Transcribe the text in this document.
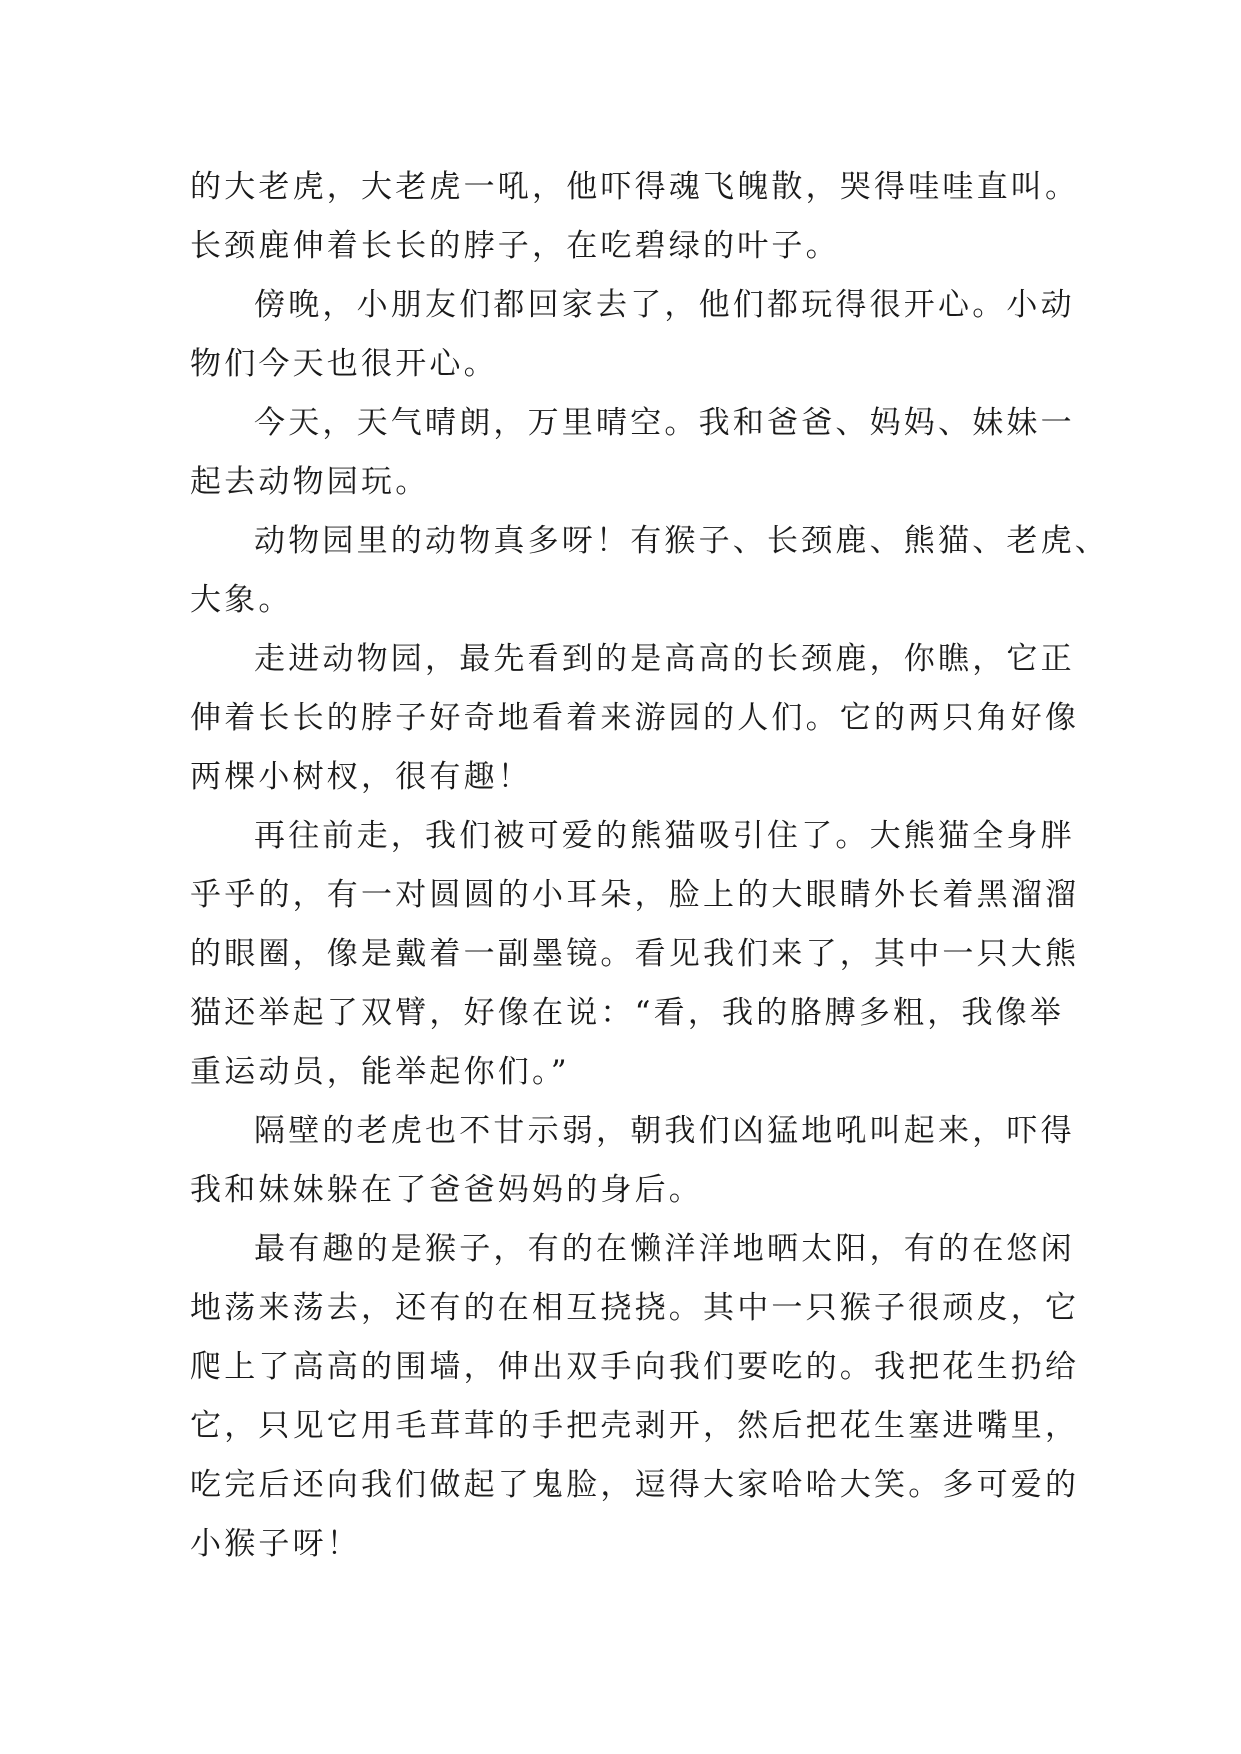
的大老虎，大老虎一吼，他吓得魂飞魄散，哭得哇哇直叫。
长颈鹿伸着长长的脖子，在吃碧绿的叶子。
傍晚，小朋友们都回家去了，他们都玩得很开心。小动
物们今天也很开心。
今天，天气晴朗，万里晴空。我和爸爸、妈妈、妹妹一
起去动物园玩。
动物园里的动物真多呀！有猴子、长颈鹿、熊猫、老虎、
大象。
走进动物园，最先看到的是高高的长颈鹿，你瞧，它正
伸着长长的脖子好奇地看着来游园的人们。它的两只角好像
两棵小树杈，很有趣！
再往前走，我们被可爱的熊猫吸引住了。大熊猫全身胖
乎乎的，有一对圆圆的小耳朵，脸上的大眼睛外长着黑溜溜
的眼圈，像是戴着一副墨镜。看见我们来了，其中一只大熊
猫还举起了双臂，好像在说：“看，我的胳膊多粗，我像举
重运动员，能举起你们。”
隔壁的老虎也不甘示弱，朝我们凶猛地吼叫起来，吓得
我和妹妹躲在了爸爸妈妈的身后。
最有趣的是猴子，有的在懒洋洋地晒太阳，有的在悠闲
地荡来荡去，还有的在相互挠挠。其中一只猴子很顽皮，它
爬上了高高的围墙，伸出双手向我们要吃的。我把花生扔给
它，只见它用毛茸茸的手把壳剥开，然后把花生塞进嘴里，
吃完后还向我们做起了鬼脸，逗得大家哈哈大笑。多可爱的
小猴子呀！
